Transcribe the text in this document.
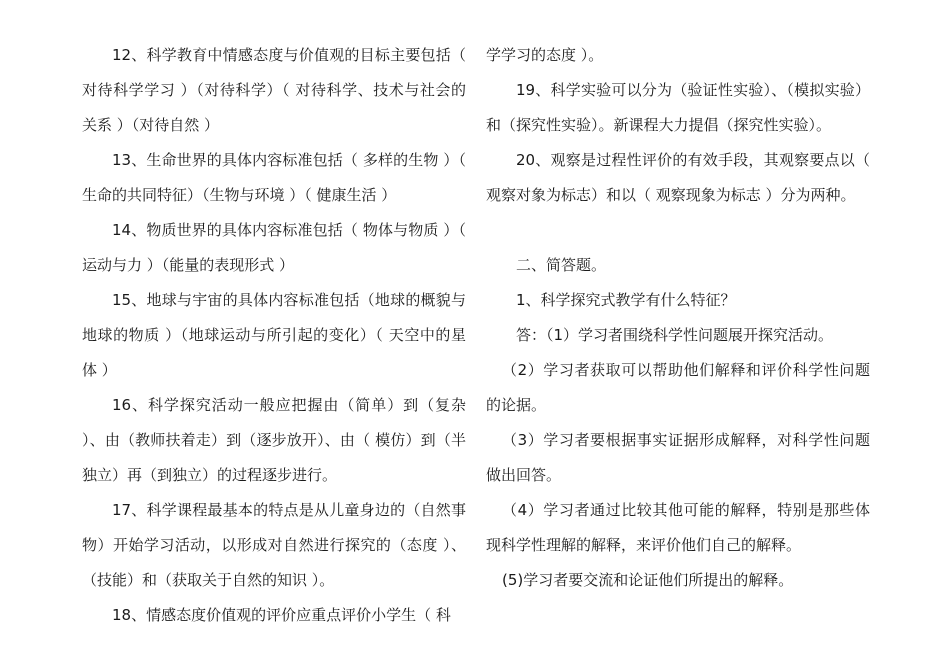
12、科学教育中情感态度与价值观的目标主要包括（ 对待科学学习 ）（对待科学）（ 对待科学、技术与社会的关系 ）（对待自然 ）

13、生命世界的具体内容标准包括（ 多样的生物 ）（ 生命的共同特征）（生物与环境 ）（ 健康生活 ）

14、物质世界的具体内容标准包括（ 物体与物质 ）（ 运动与力 ）（能量的表现形式 ）

15、地球与宇宙的具体内容标准包括（地球的概貌与地球的物质 ）（地球运动与所引起的变化）（ 天空中的星体 ）

16、科学探究活动一般应把握由（简单）到（复杂 ）、由（教师扶着走）到（逐步放开）、由（ 模仿）到（半独立）再（到独立）的过程逐步进行。

17、科学课程最基本的特点是从儿童身边的（自然事物）开始学习活动，以形成对自然进行探究的（态度 ）、（技能）和（获取关于自然的知识 ）。

18、情感态度价值观的评价应重点评价小学生（ 科

学学习的态度 ）。

19、科学实验可以分为（验证性实验）、（模拟实验）和（探究性实验）。新课程大力提倡（探究性实验）。

20、观察是过程性评价的有效手段，其观察要点以（ 观察对象为标志）和以（ 观察现象为标志 ）分为两种。

二、简答题。

1、科学探究式教学有什么特征？

答：（1）学习者围绕科学性问题展开探究活动。

（2）学习者获取可以帮助他们解释和评价科学性问题的论据。

（3）学习者要根据事实证据形成解释，对科学性问题做出回答。

（4）学习者通过比较其他可能的解释，特别是那些体现科学性理解的解释，来评价他们自己的解释。

(5)学习者要交流和论证他们所提出的解释。
